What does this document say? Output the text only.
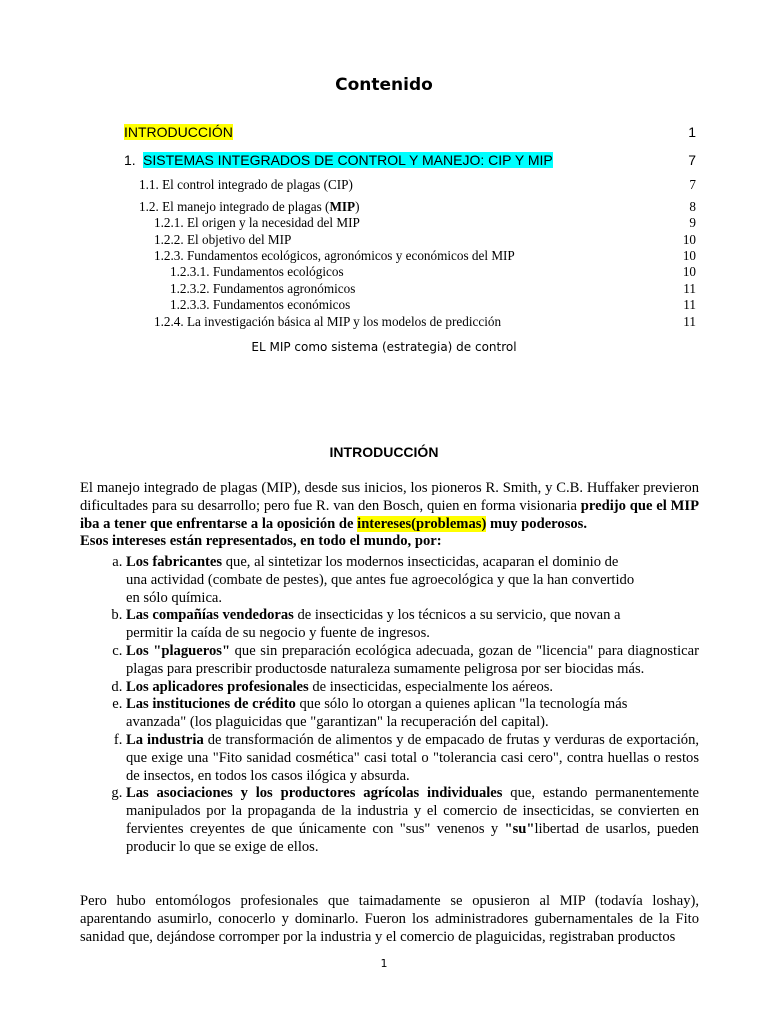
Contenido
INTRODUCCIÓN	1
1. SISTEMAS INTEGRADOS DE CONTROL Y MANEJO: CIP Y MIP	7
1.1. El control integrado de plagas (CIP)	7
1.2. El manejo integrado de plagas (MIP)	8
1.2.1. El origen y la necesidad del MIP	9
1.2.2. El objetivo del MIP	10
1.2.3. Fundamentos ecológicos, agronómicos y económicos del MIP	10
1.2.3.1. Fundamentos ecológicos	10
1.2.3.2. Fundamentos agronómicos	11
1.2.3.3. Fundamentos económicos	11
1.2.4. La investigación básica al MIP y los modelos de predicción	11
EL MIP como sistema (estrategia) de control
INTRODUCCIÓN
El manejo integrado de plagas (MIP), desde sus inicios, los pioneros R. Smith, y C.B. Huffaker previeron dificultades para su desarrollo; pero fue R. van den Bosch, quien en forma visionaria predijo que el MIP iba a tener que enfrentarse a la oposición de intereses(problemas) muy poderosos.
Esos intereses están representados, en todo el mundo, por:
a. Los fabricantes que, al sintetizar los modernos insecticidas, acaparan el dominio de una actividad (combate de pestes), que antes fue agroecológica y que la han convertido en sólo química.
b. Las compañías vendedoras de insecticidas y los técnicos a su servicio, que novan a permitir la caída de su negocio y fuente de ingresos.
c. Los "plagueros" que sin preparación ecológica adecuada, gozan de "licencia" para diagnosticar plagas para prescribir productosde naturaleza sumamente peligrosa por ser biocidas más.
d. Los aplicadores profesionales de insecticidas, especialmente los aéreos.
e. Las instituciones de crédito que sólo lo otorgan a quienes aplican "la tecnología más avanzada" (los plaguicidas que "garantizan" la recuperación del capital).
f. La industria de transformación de alimentos y de empacado de frutas y verduras de exportación, que exige una "Fito sanidad cosmética" casi total o "tolerancia casi cero", contra huellas o restos de insectos, en todos los casos ilógica y absurda.
g. Las asociaciones y los productores agrícolas individuales que, estando permanentemente manipulados por la propaganda de la industria y el comercio de insecticidas, se convierten en fervientes creyentes de que únicamente con "sus" venenos y "su"libertad de usarlos, pueden producir lo que se exige de ellos.
Pero hubo entomólogos profesionales que taimadamente se opusieron al MIP (todavía loshay), aparentando asumirlo, conocerlo y dominarlo. Fueron los administradores gubernamentales de la Fito sanidad que, dejándose corromper por la industria y el comercio de plaguicidas, registraban productos
1
